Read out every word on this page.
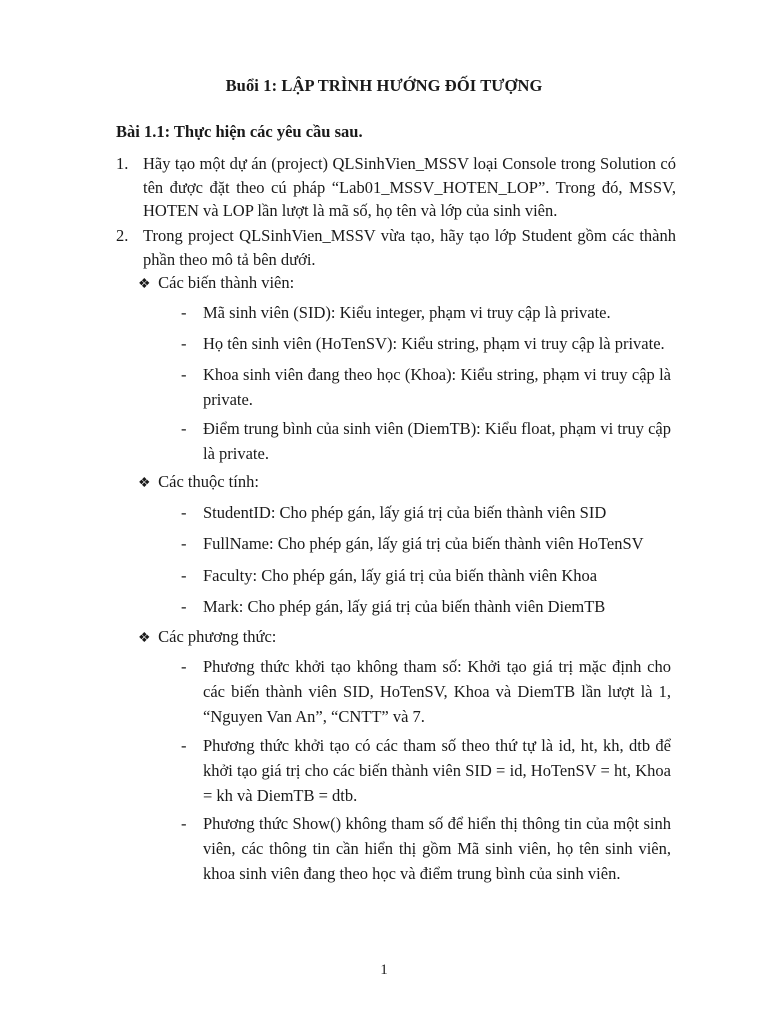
Buổi 1: LẬP TRÌNH HƯỚNG ĐỐI TƯỢNG
Bài 1.1: Thực hiện các yêu cầu sau.
1. Hãy tạo một dự án (project) QLSinhVien_MSSV loại Console trong Solution có tên được đặt theo cú pháp “Lab01_MSSV_HOTEN_LOP”. Trong đó, MSSV, HOTEN và LOP lần lượt là mã số, họ tên và lớp của sinh viên.
2. Trong project QLSinhVien_MSSV vừa tạo, hãy tạo lớp Student gồm các thành phần theo mô tả bên dưới.
❖ Các biến thành viên:
- Mã sinh viên (SID): Kiểu integer, phạm vi truy cập là private.
- Họ tên sinh viên (HoTenSV): Kiểu string, phạm vi truy cập là private.
- Khoa sinh viên đang theo học (Khoa): Kiểu string, phạm vi truy cập là private.
- Điểm trung bình của sinh viên (DiemTB): Kiểu float, phạm vi truy cập là private.
❖ Các thuộc tính:
- StudentID: Cho phép gán, lấy giá trị của biến thành viên SID
- FullName: Cho phép gán, lấy giá trị của biến thành viên HoTenSV
- Faculty: Cho phép gán, lấy giá trị của biến thành viên Khoa
- Mark: Cho phép gán, lấy giá trị của biến thành viên DiemTB
❖ Các phương thức:
- Phương thức khởi tạo không tham số: Khởi tạo giá trị mặc định cho các biến thành viên SID, HoTenSV, Khoa và DiemTB lần lượt là 1, “Nguyen Van An”, “CNTT” và 7.
- Phương thức khởi tạo có các tham số theo thứ tự là id, ht, kh, dtb để khởi tạo giá trị cho các biến thành viên SID = id, HoTenSV = ht, Khoa = kh và DiemTB = dtb.
- Phương thức Show() không tham số để hiển thị thông tin của một sinh viên, các thông tin cần hiển thị gồm Mã sinh viên, họ tên sinh viên, khoa sinh viên đang theo học và điểm trung bình của sinh viên.
1
